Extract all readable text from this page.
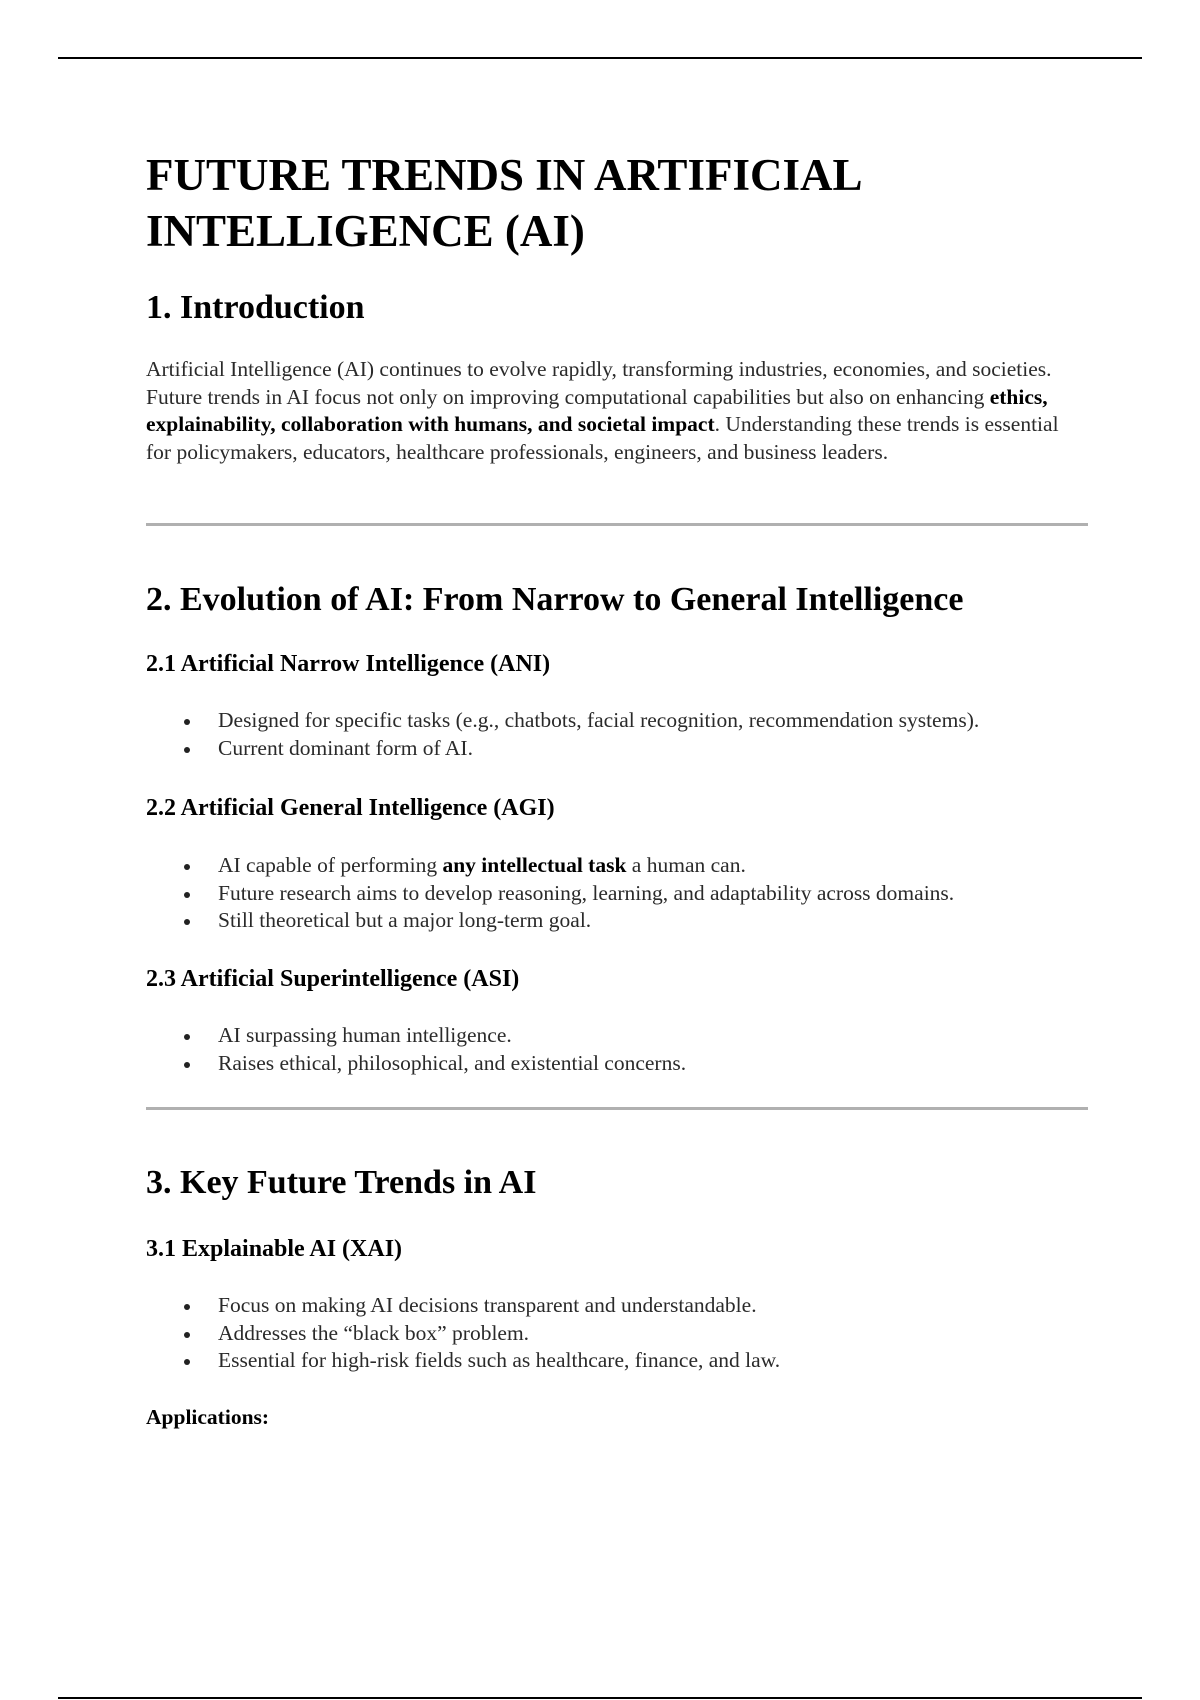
FUTURE TRENDS IN ARTIFICIAL INTELLIGENCE (AI)
1. Introduction

Artificial Intelligence (AI) continues to evolve rapidly, transforming industries, economies, and societies. Future trends in AI focus not only on improving computational capabilities but also on enhancing ethics, explainability, collaboration with humans, and societal impact. Understanding these trends is essential for policymakers, educators, healthcare professionals, engineers, and business leaders.

2. Evolution of AI: From Narrow to General Intelligence
2.1 Artificial Narrow Intelligence (ANI)
Designed for specific tasks (e.g., chatbots, facial recognition, recommendation systems).
Current dominant form of AI.
2.2 Artificial General Intelligence (AGI)
AI capable of performing any intellectual task a human can.
Future research aims to develop reasoning, learning, and adaptability across domains.
Still theoretical but a major long-term goal.
2.3 Artificial Superintelligence (ASI)
AI surpassing human intelligence.
Raises ethical, philosophical, and existential concerns.
3. Key Future Trends in AI
3.1 Explainable AI (XAI)
Focus on making AI decisions transparent and understandable.
Addresses the “black box” problem.
Essential for high-risk fields such as healthcare, finance, and law.

Applications:
